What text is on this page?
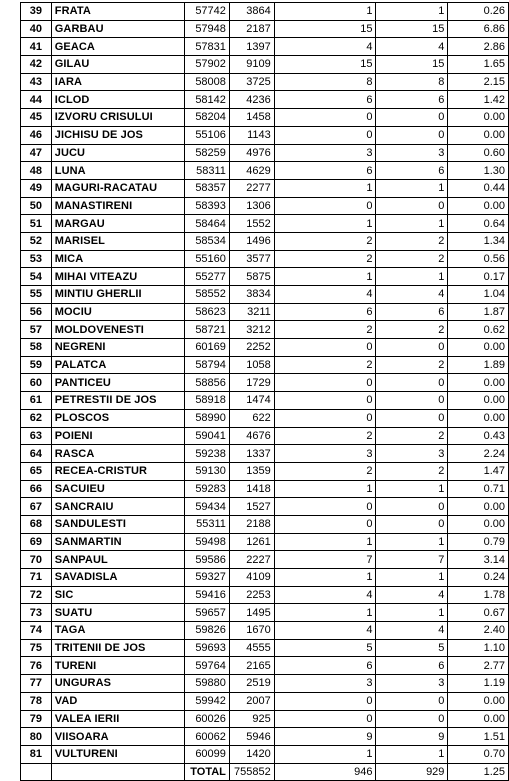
39	FRATA	57742	3864	1	1	0.26
40	GARBAU	57948	2187	15	15	6.86
41	GEACA	57831	1397	4	4	2.86
42	GILAU	57902	9109	15	15	1.65
43	IARA	58008	3725	8	8	2.15
44	ICLOD	58142	4236	6	6	1.42
45	IZVORU CRISULUI	58204	1458	0	0	0.00
46	JICHISU DE JOS	55106	1143	0	0	0.00
47	JUCU	58259	4976	3	3	0.60
48	LUNA	58311	4629	6	6	1.30
49	MAGURI-RACATAU	58357	2277	1	1	0.44
50	MANASTIRENI	58393	1306	0	0	0.00
51	MARGAU	58464	1552	1	1	0.64
52	MARISEL	58534	1496	2	2	1.34
53	MICA	55160	3577	2	2	0.56
54	MIHAI VITEAZU	55277	5875	1	1	0.17
55	MINTIU GHERLII	58552	3834	4	4	1.04
56	MOCIU	58623	3211	6	6	1.87
57	MOLDOVENESTI	58721	3212	2	2	0.62
58	NEGRENI	60169	2252	0	0	0.00
59	PALATCA	58794	1058	2	2	1.89
60	PANTICEU	58856	1729	0	0	0.00
61	PETRESTII DE JOS	58918	1474	0	0	0.00
62	PLOSCOS	58990	622	0	0	0.00
63	POIENI	59041	4676	2	2	0.43
64	RASCA	59238	1337	3	3	2.24
65	RECEA-CRISTUR	59130	1359	2	2	1.47
66	SACUIEU	59283	1418	1	1	0.71
67	SANCRAIU	59434	1527	0	0	0.00
68	SANDULESTI	55311	2188	0	0	0.00
69	SANMARTIN	59498	1261	1	1	0.79
70	SANPAUL	59586	2227	7	7	3.14
71	SAVADISLA	59327	4109	1	1	0.24
72	SIC	59416	2253	4	4	1.78
73	SUATU	59657	1495	1	1	0.67
74	TAGA	59826	1670	4	4	2.40
75	TRITENII DE JOS	59693	4555	5	5	1.10
76	TURENI	59764	2165	6	6	2.77
77	UNGURAS	59880	2519	3	3	1.19
78	VAD	59942	2007	0	0	0.00
79	VALEA IERII	60026	925	0	0	0.00
80	VIISOARA	60062	5946	9	9	1.51
81	VULTURENI	60099	1420	1	1	0.70
		TOTAL	755852	946	929	1.25
